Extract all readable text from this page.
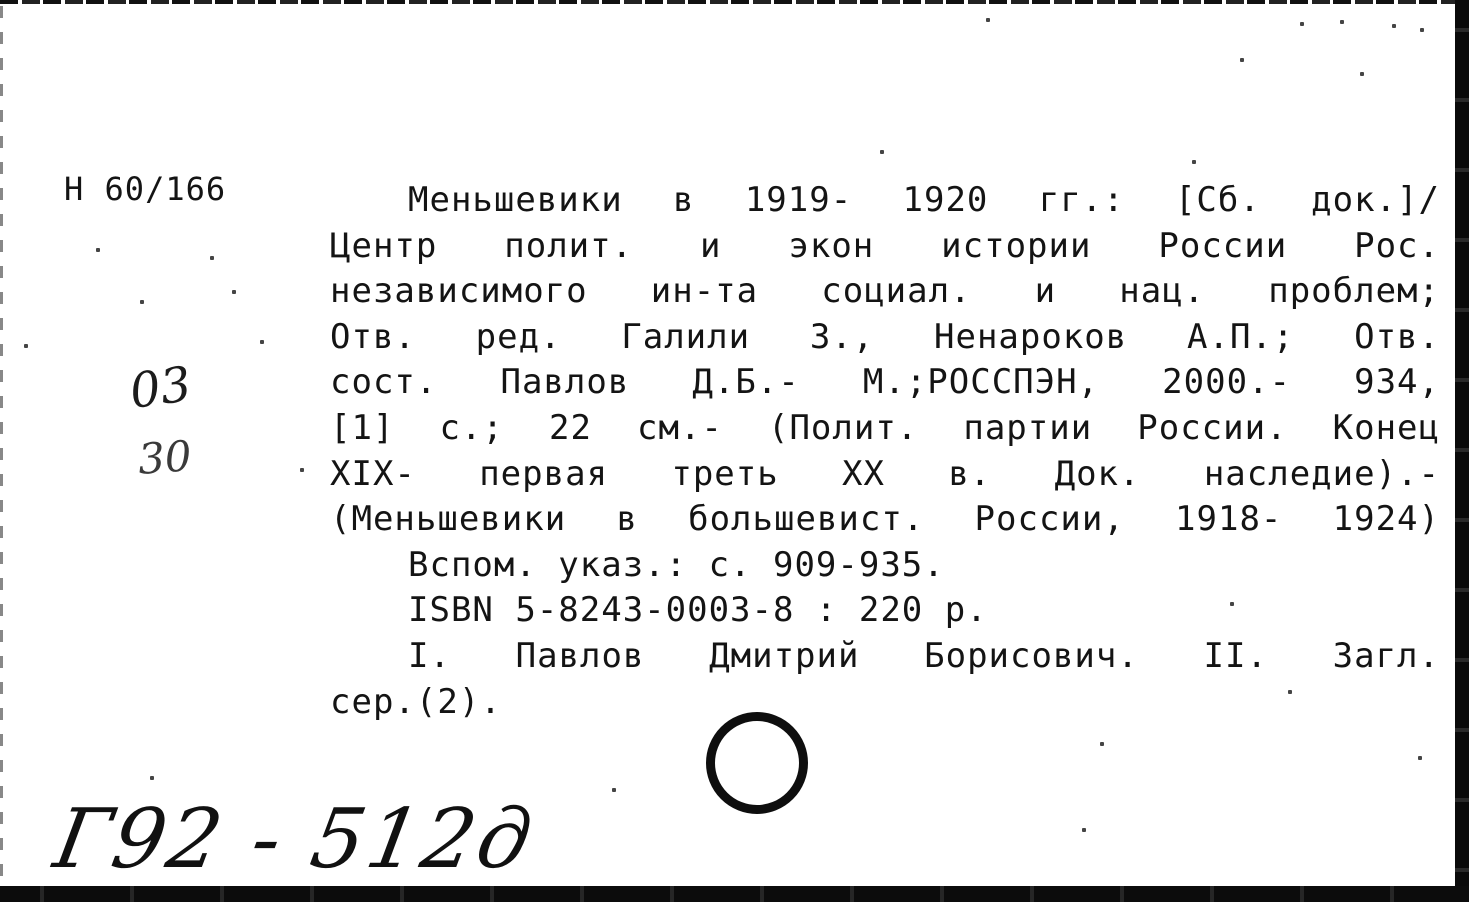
Н 60/166
03
30
Меньшевики в 1919- 1920 гг.: [Сб. док.]/
Центр полит. и экон истории России Рос.
независимого ин-та социал. и нац. проблем;
Отв. ред. Галили З., Ненароков А.П.; Отв.
сост. Павлов Д.Б.- М.;РОССПЭН, 2000.- 934,
[1] с.; 22 см.- (Полит. партии России. Конец
XIX- первая треть XX в. Док. наследие).-
(Меньшевики в большевист. России, 1918- 1924)
Вспом. указ.: с. 909-935.
ISBN 5-8243-0003-8 : 220 р.
I. Павлов Дмитрий Борисович. II. Загл.
сер.(2).
Г92 - 512д
